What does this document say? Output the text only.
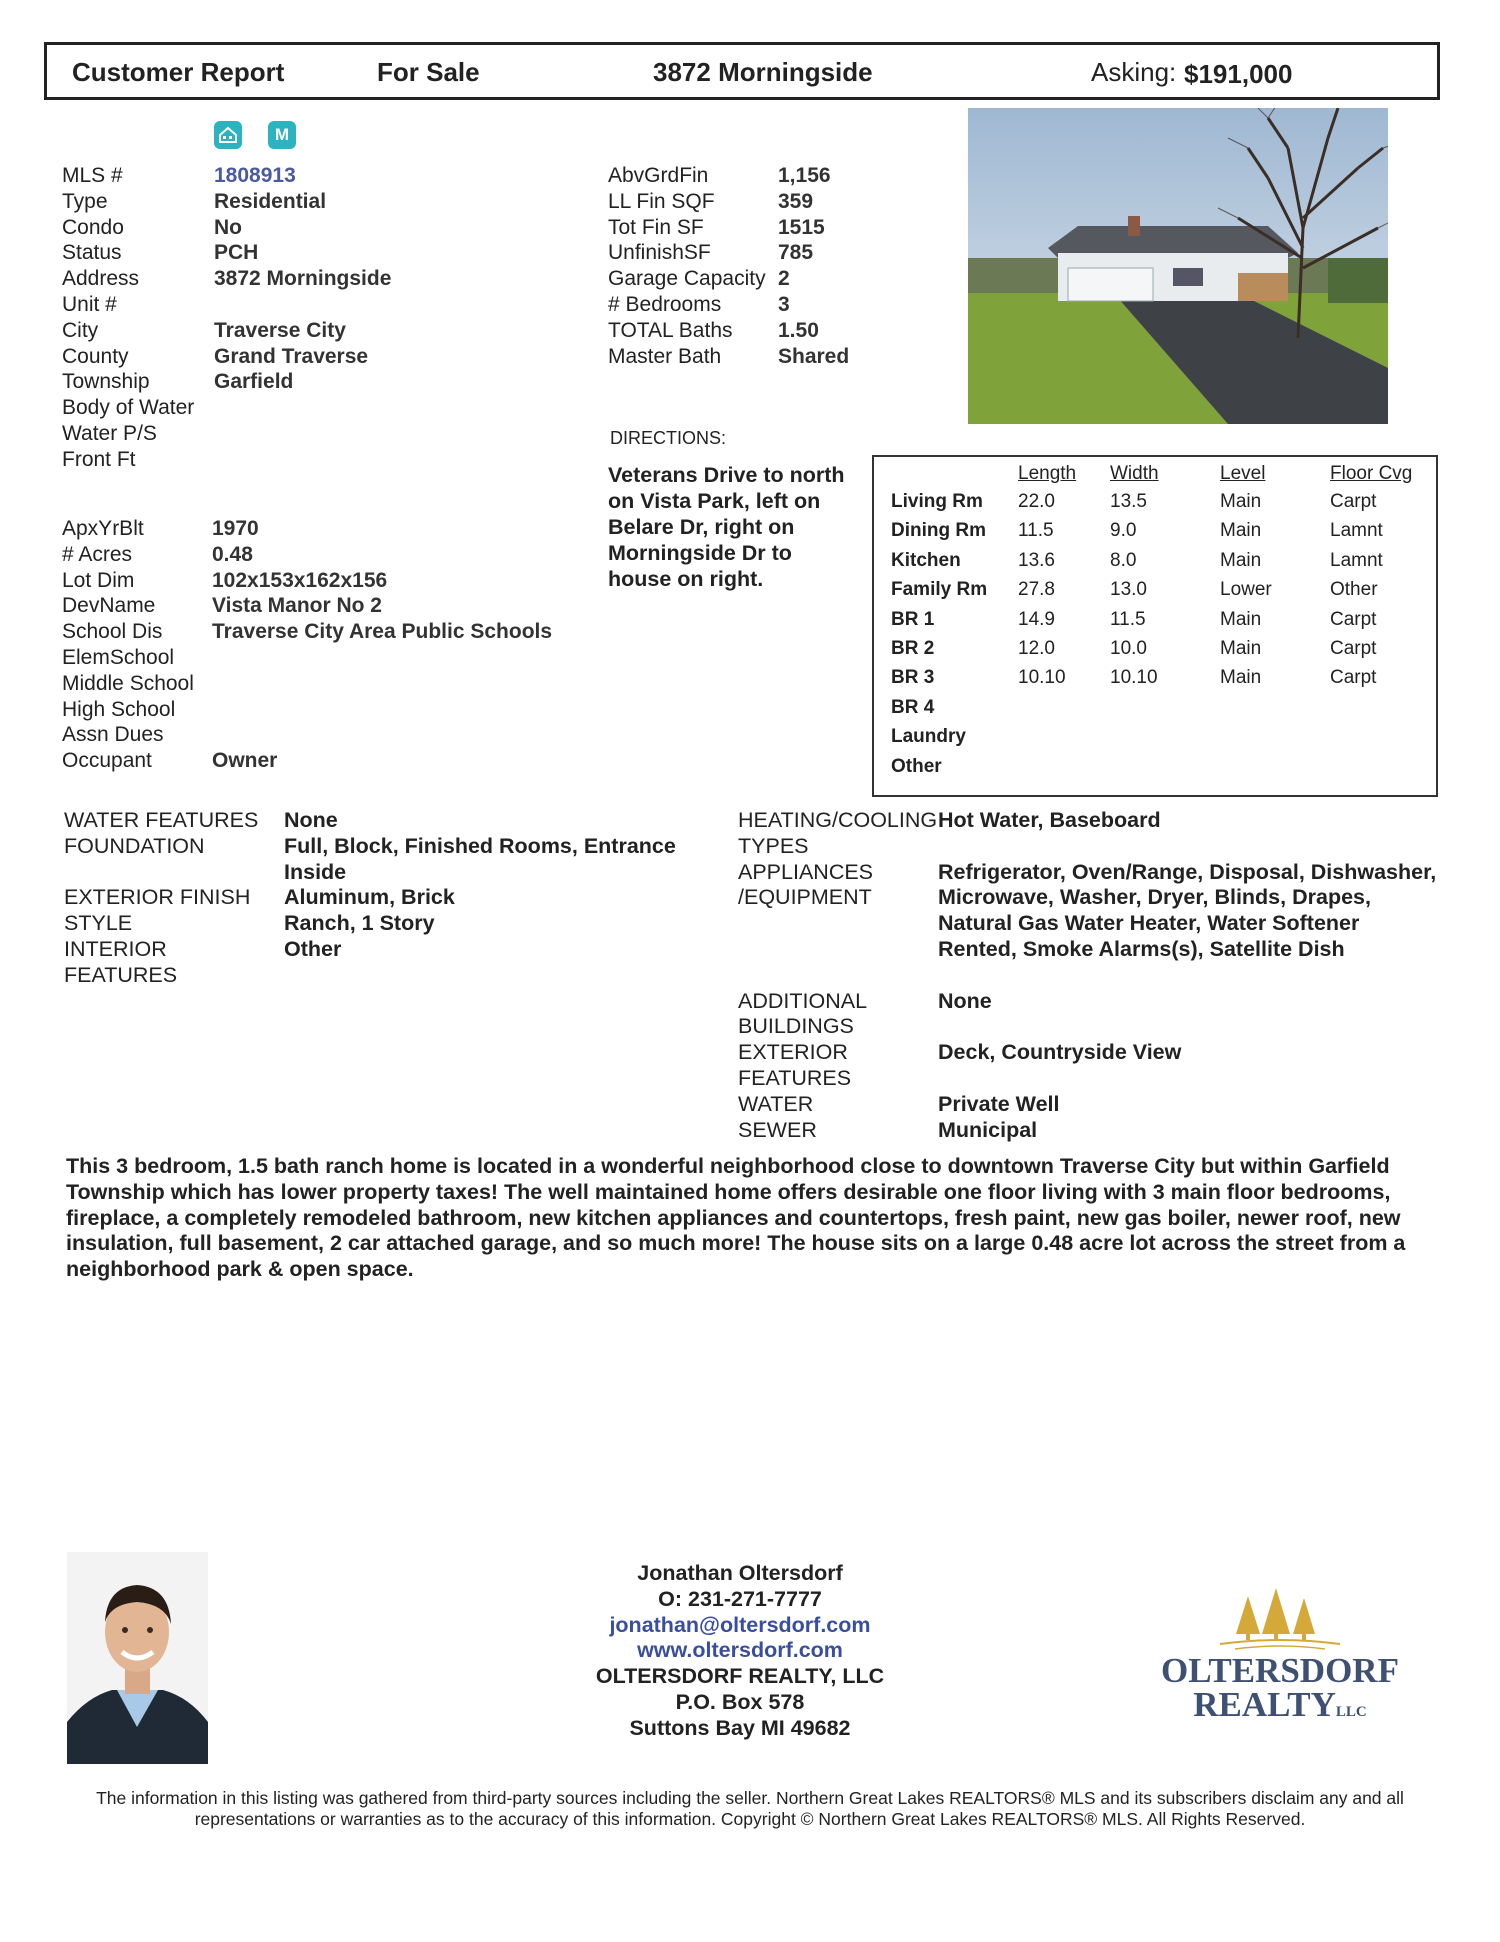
Customer Report	For Sale	3872 Morningside	Asking: $191,000
M
MLS #	1808913
Type	Residential
Condo	No
Status	PCH
Address	3872 Morningside
Unit #
City	Traverse City
County	Grand Traverse
Township	Garfield
Body of Water
Water P/S
Front Ft
ApxYrBlt	1970
# Acres	0.48
Lot Dim	102x153x162x156
DevName	Vista Manor No 2
School Dis Traverse City Area Public Schools
ElemSchool
Middle School
High School
Assn Dues
Occupant	Owner
AbvGrdFin	1,156
LL Fin SQF	359
Tot Fin SF	1515
UnfinishSF	785
Garage Capacity 2
# Bedrooms	3
TOTAL Baths 1.50
Master Bath	Shared
DIRECTIONS:
Veterans Drive to north on Vista Park, left on Belare Dr, right on Morningside Dr to house on right.
Length Width	Level	Floor Cvg
Living Rm 22.0	13.5	Main	Carpt
Dining Rm 11.5	9.0	Main	Lamnt
Kitchen	13.6	8.0	Main	Lamnt
Family Rm 27.8	13.0	Lower	Other
BR 1	14.9	11.5	Main	Carpt
BR 2	12.0	10.0	Main	Carpt
BR 3	10.10 10.10	Main	Carpt
BR 4
Laundry
Other
WATER FEATURES	None
FOUNDATION	Full, Block, Finished Rooms, Entrance Inside
EXTERIOR FINISH	Aluminum, Brick
STYLE	Ranch, 1 Story
INTERIOR FEATURES
Other
HEATING/COOLING TYPES
Hot Water, Baseboard
APPLIANCES /EQUIPMENT
Refrigerator, Oven/Range, Disposal, Dishwasher, Microwave, Washer, Dryer, Blinds, Drapes, Natural Gas Water Heater, Water Softener Rented, Smoke Alarms(s), Satellite Dish
ADDITIONAL BUILDINGS
None
EXTERIOR FEATURES
Deck, Countryside View
WATER	Private Well
SEWER	Municipal
This 3 bedroom, 1.5 bath ranch home is located in a wonderful neighborhood close to downtown Traverse City but within Garfield Township which has lower property taxes! The well maintained home offers desirable one floor living with 3 main floor bedrooms, fireplace, a completely remodeled bathroom, new kitchen appliances and countertops, fresh paint, new gas boiler, newer roof, new insulation, full basement, 2 car attached garage, and so much more! The house sits on a large 0.48 acre lot across the street from a neighborhood park & open space.
Jonathan Oltersdorf
O: 231-271-7777
jonathan@oltersdorf.com
www.oltersdorf.com
OLTERSDORF REALTY, LLC
P.O. Box 578
Suttons Bay MI 49682
OLTERSDORF
REALTYLLC
The information in this listing was gathered from third-party sources including the seller. Northern Great Lakes REALTORS® MLS and its subscribers disclaim any and all representations or warranties as to the accuracy of this information. Copyright © Northern Great Lakes REALTORS® MLS. All Rights Reserved.
